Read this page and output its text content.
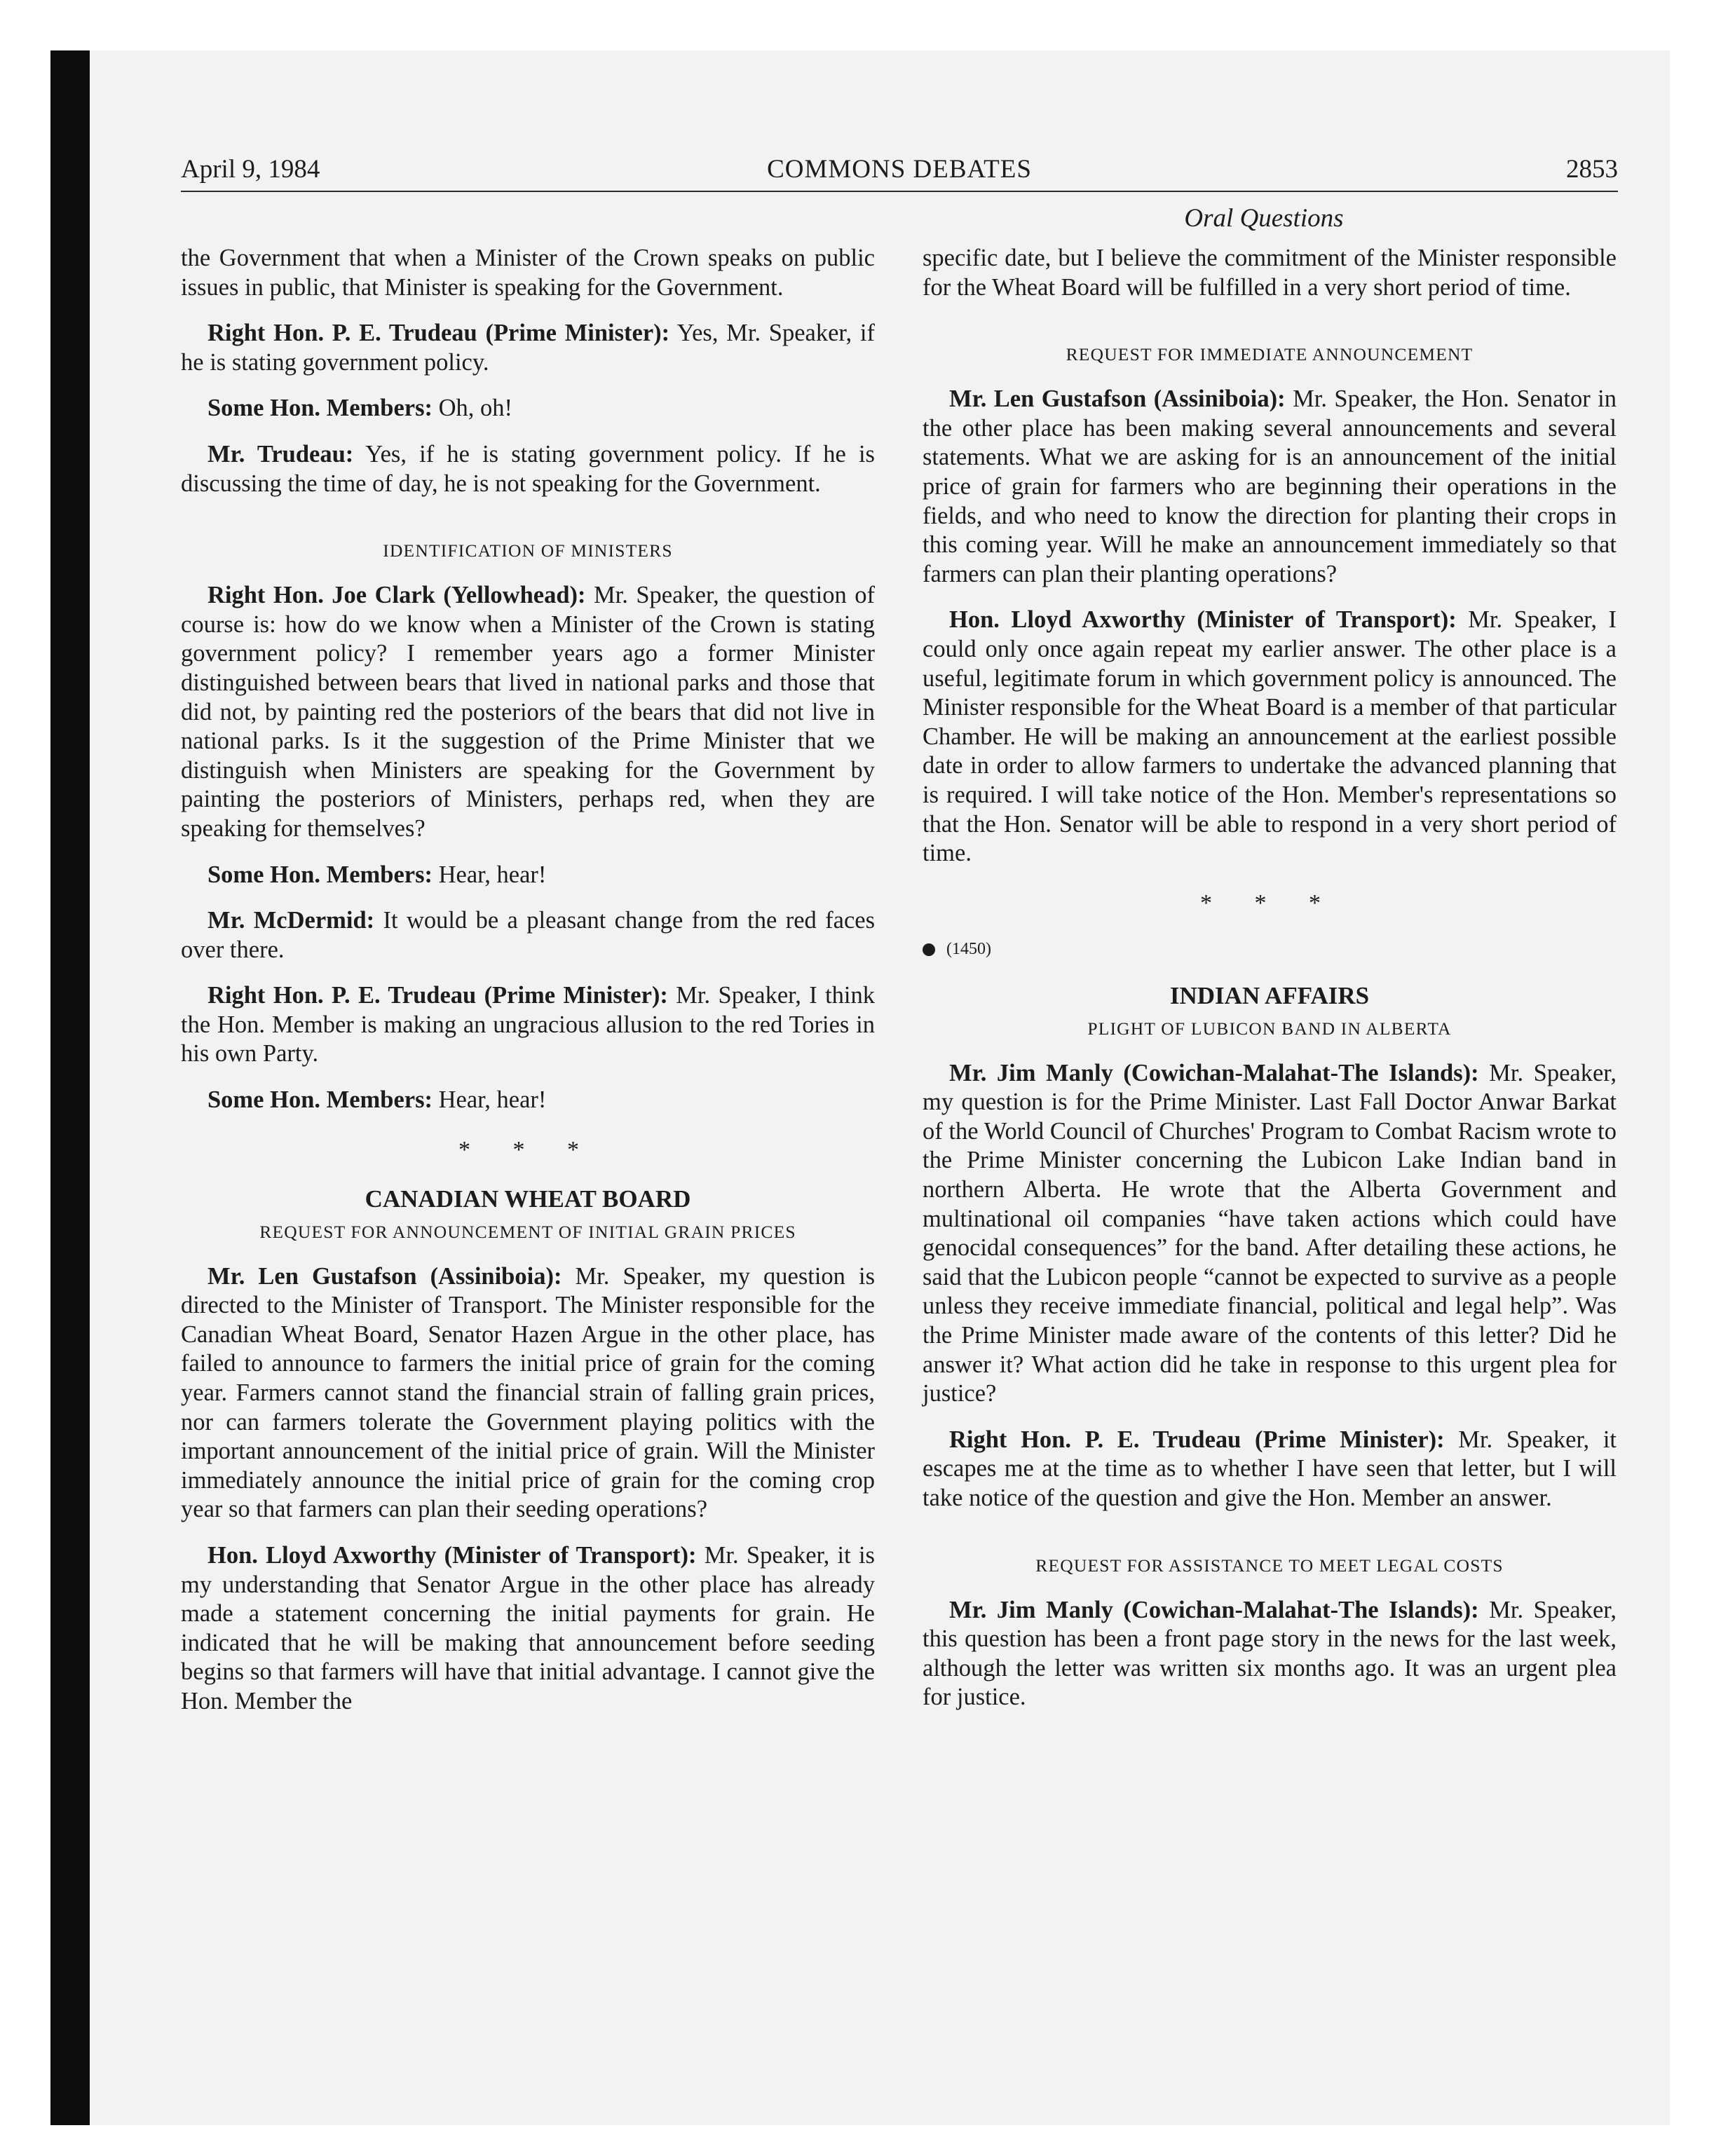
April 9, 1984	COMMONS DEBATES	2853
Oral Questions

the Government that when a Minister of the Crown speaks on public issues in public, that Minister is speaking for the Government.

Right Hon. P. E. Trudeau (Prime Minister): Yes, Mr. Speaker, if he is stating government policy.

Some Hon. Members: Oh, oh!

Mr. Trudeau: Yes, if he is stating government policy. If he is discussing the time of day, he is not speaking for the Government.

IDENTIFICATION OF MINISTERS

Right Hon. Joe Clark (Yellowhead): Mr. Speaker, the question of course is: how do we know when a Minister of the Crown is stating government policy? I remember years ago a former Minister distinguished between bears that lived in national parks and those that did not, by painting red the posteriors of the bears that did not live in national parks. Is it the suggestion of the Prime Minister that we distinguish when Ministers are speaking for the Government by painting the posteriors of Ministers, perhaps red, when they are speaking for themselves?

Some Hon. Members: Hear, hear!

Mr. McDermid: It would be a pleasant change from the red faces over there.

Right Hon. P. E. Trudeau (Prime Minister): Mr. Speaker, I think the Hon. Member is making an ungracious allusion to the red Tories in his own Party.

Some Hon. Members: Hear, hear!

* * *
CANADIAN WHEAT BOARD
REQUEST FOR ANNOUNCEMENT OF INITIAL GRAIN PRICES

Mr. Len Gustafson (Assiniboia): Mr. Speaker, my question is directed to the Minister of Transport. The Minister responsible for the Canadian Wheat Board, Senator Hazen Argue in the other place, has failed to announce to farmers the initial price of grain for the coming year. Farmers cannot stand the financial strain of falling grain prices, nor can farmers tolerate the Government playing politics with the important announcement of the initial price of grain. Will the Minister immediately announce the initial price of grain for the coming crop year so that farmers can plan their seeding operations?

Hon. Lloyd Axworthy (Minister of Transport): Mr. Speaker, it is my understanding that Senator Argue in the other place has already made a statement concerning the initial payments for grain. He indicated that he will be making that announcement before seeding begins so that farmers will have that initial advantage. I cannot give the Hon. Member the

specific date, but I believe the commitment of the Minister responsible for the Wheat Board will be fulfilled in a very short period of time.

REQUEST FOR IMMEDIATE ANNOUNCEMENT

Mr. Len Gustafson (Assiniboia): Mr. Speaker, the Hon. Senator in the other place has been making several announcements and several statements. What we are asking for is an announcement of the initial price of grain for farmers who are beginning their operations in the fields, and who need to know the direction for planting their crops in this coming year. Will he make an announcement immediately so that farmers can plan their planting operations?

Hon. Lloyd Axworthy (Minister of Transport): Mr. Speaker, I could only once again repeat my earlier answer. The other place is a useful, legitimate forum in which government policy is announced. The Minister responsible for the Wheat Board is a member of that particular Chamber. He will be making an announcement at the earliest possible date in order to allow farmers to undertake the advanced planning that is required. I will take notice of the Hon. Member's representations so that the Hon. Senator will be able to respond in a very short period of time.

* * *
(1450)
INDIAN AFFAIRS
PLIGHT OF LUBICON BAND IN ALBERTA

Mr. Jim Manly (Cowichan-Malahat-The Islands): Mr. Speaker, my question is for the Prime Minister. Last Fall Doctor Anwar Barkat of the World Council of Churches' Program to Combat Racism wrote to the Prime Minister concerning the Lubicon Lake Indian band in northern Alberta. He wrote that the Alberta Government and multinational oil companies “have taken actions which could have genocidal consequences” for the band. After detailing these actions, he said that the Lubicon people “cannot be expected to survive as a people unless they receive immediate financial, political and legal help”. Was the Prime Minister made aware of the contents of this letter? Did he answer it? What action did he take in response to this urgent plea for justice?

Right Hon. P. E. Trudeau (Prime Minister): Mr. Speaker, it escapes me at the time as to whether I have seen that letter, but I will take notice of the question and give the Hon. Member an answer.

REQUEST FOR ASSISTANCE TO MEET LEGAL COSTS

Mr. Jim Manly (Cowichan-Malahat-The Islands): Mr. Speaker, this question has been a front page story in the news for the last week, although the letter was written six months ago. It was an urgent plea for justice.
